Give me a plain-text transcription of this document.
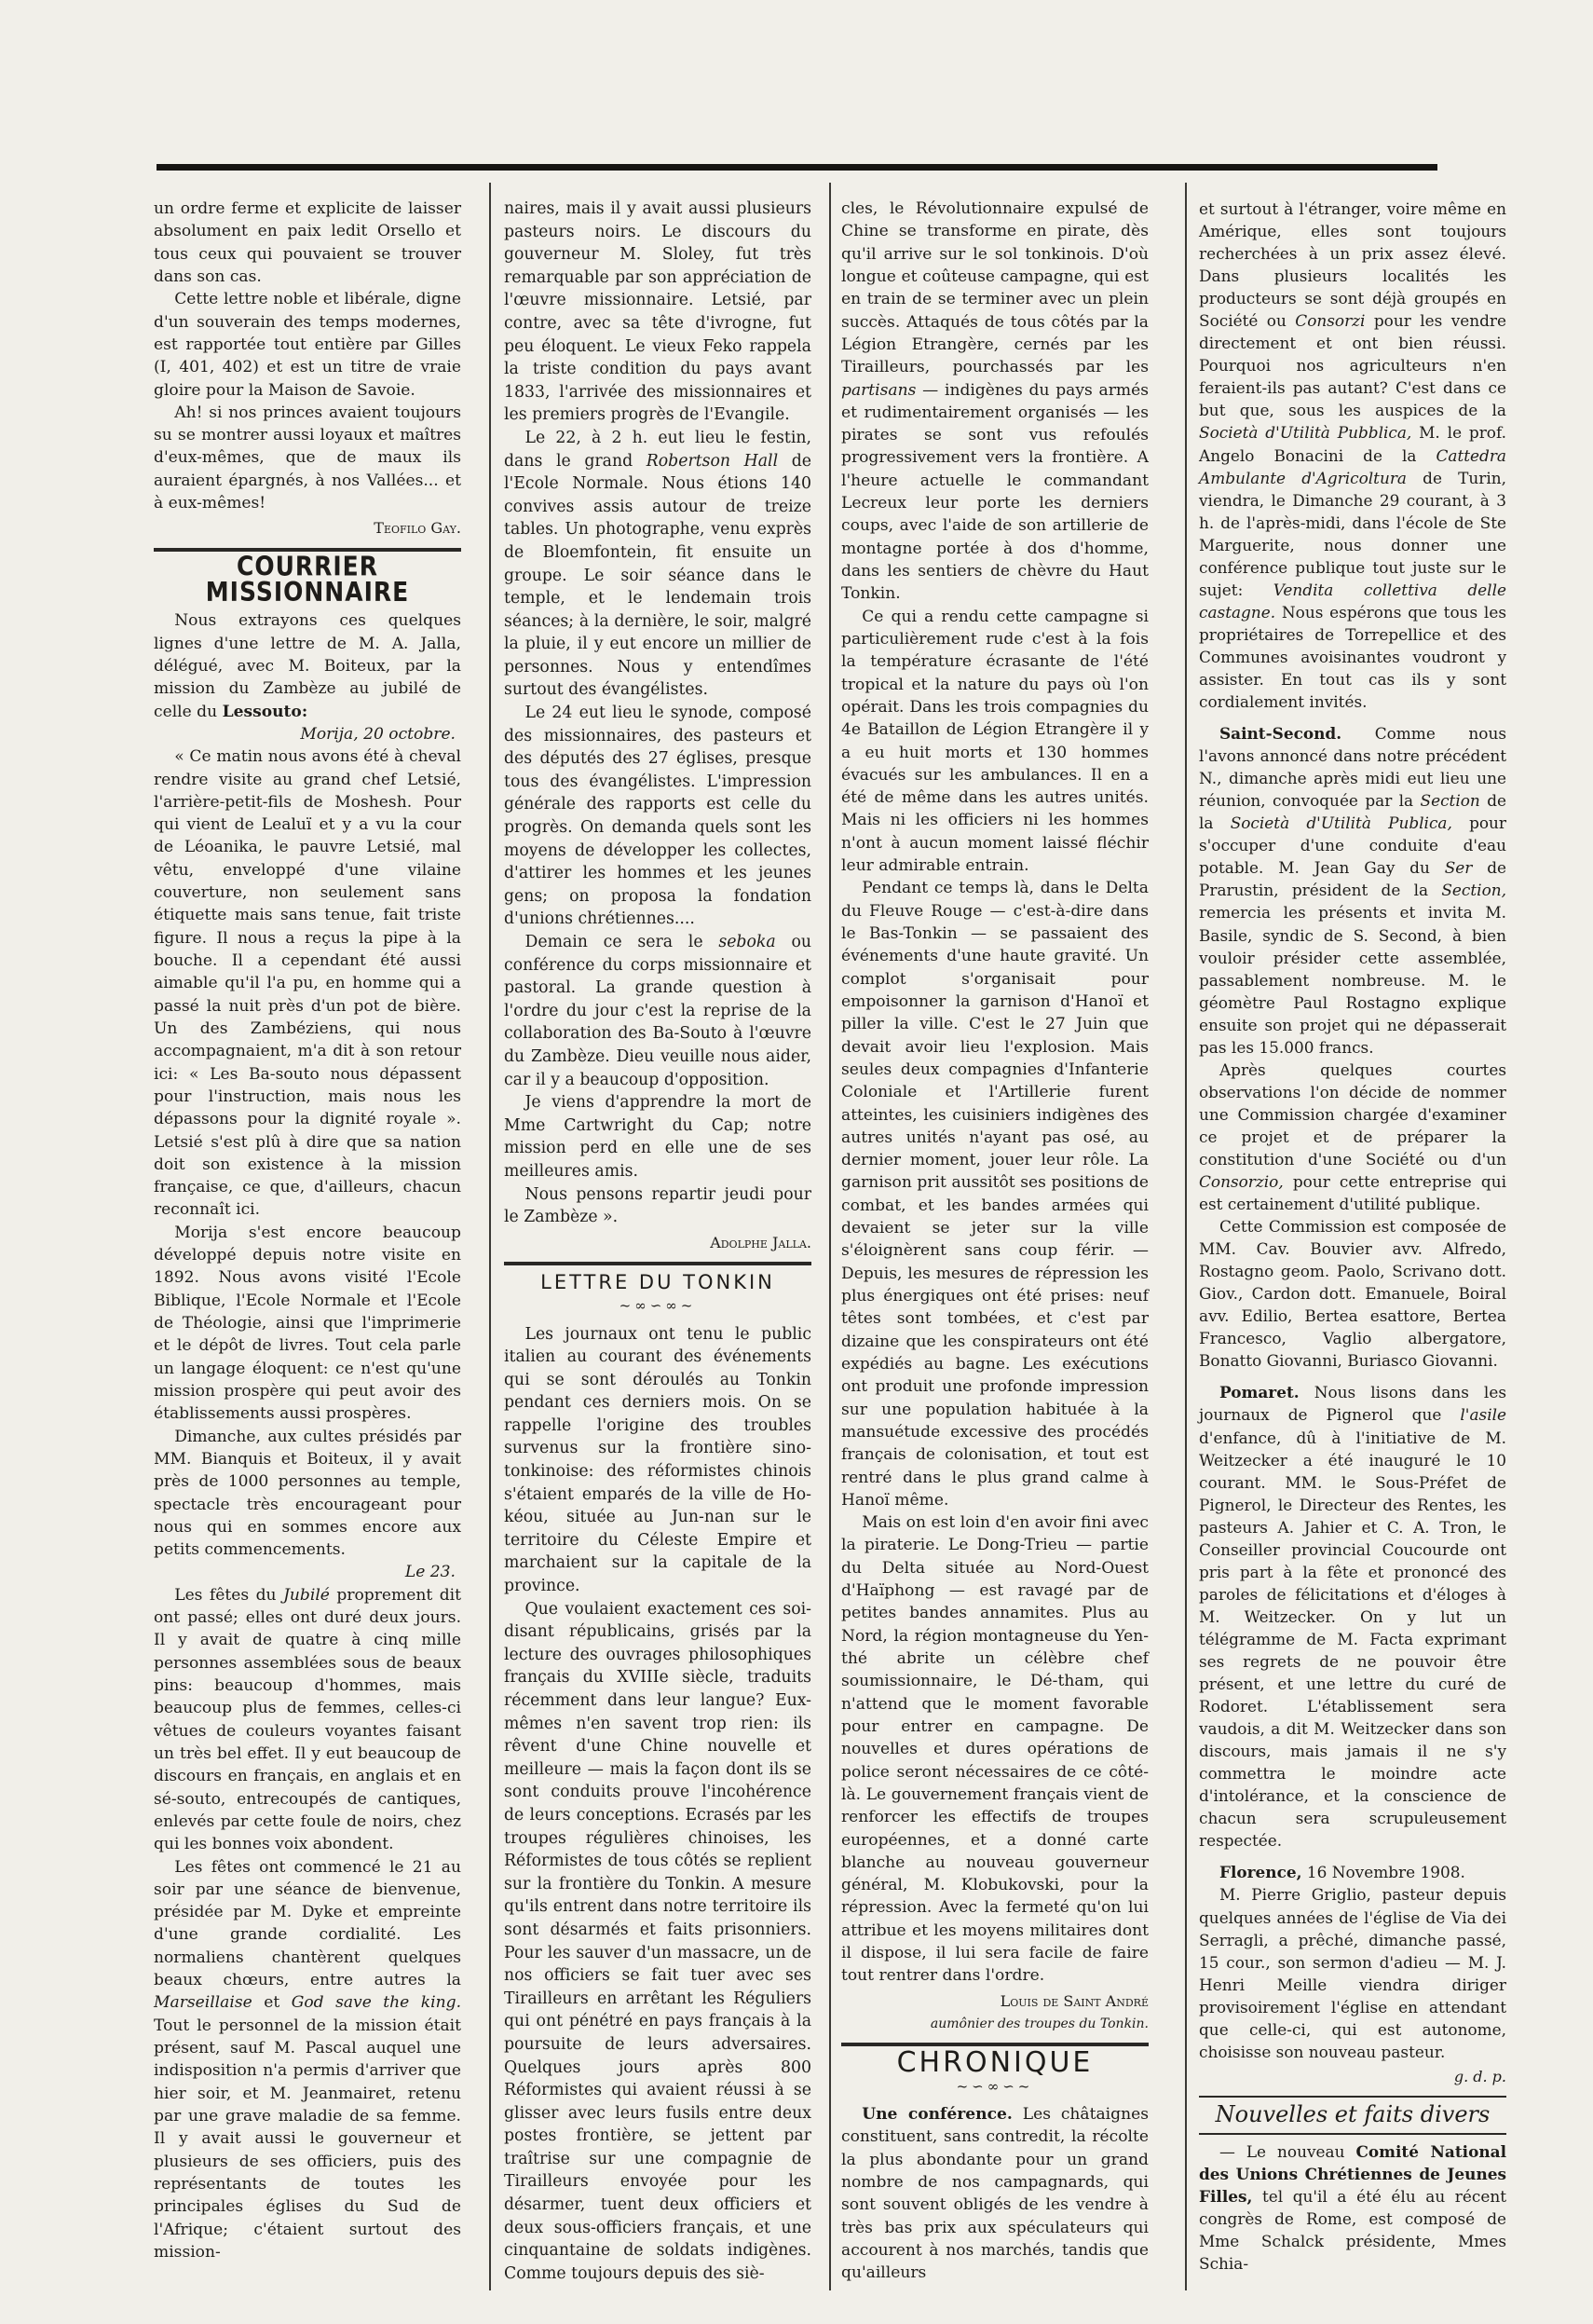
un ordre ferme et explicite de laisser absolument en paix ledit Orsello et tous ceux qui pouvaient se trouver dans son cas.

Cette lettre noble et libérale, digne d'un souverain des temps modernes, est rapportée tout entière par Gilles (I, 401, 402) et est un titre de vraie gloire pour la Maison de Savoie.

Ah! si nos princes avaient toujours su se montrer aussi loyaux et maîtres d'eux-mêmes, que de maux ils auraient épargnés, à nos Vallées... et à eux-mêmes!

Teofilo Gay.
COURRIER MISSIONNAIRE

Nous extrayons ces quelques lignes d'une lettre de M. A. Jalla, délégué, avec M. Boiteux, par la mission du Zambèze au jubilé de celle du Lessouto:

Morija, 20 octobre.

« Ce matin nous avons été à cheval rendre visite au grand chef Letsié, l'arrière-petit-fils de Moshesh. Pour qui vient de Lealuï et y a vu la cour de Léoanika, le pauvre Letsié, mal vêtu, enveloppé d'une vilaine couverture, non seulement sans étiquette mais sans tenue, fait triste figure. Il nous a reçus la pipe à la bouche. Il a cependant été aussi aimable qu'il l'a pu, en homme qui a passé la nuit près d'un pot de bière. Un des Zambéziens, qui nous accompagnaient, m'a dit à son retour ici: « Les Ba-souto nous dépassent pour l'instruction, mais nous les dépassons pour la dignité royale ». Letsié s'est plû à dire que sa nation doit son existence à la mission française, ce que, d'ailleurs, chacun reconnaît ici.

Morija s'est encore beaucoup développé depuis notre visite en 1892. Nous avons visité l'Ecole Biblique, l'Ecole Normale et l'Ecole de Théologie, ainsi que l'imprimerie et le dépôt de livres. Tout cela parle un langage éloquent: ce n'est qu'une mission prospère qui peut avoir des établissements aussi prospères.

Dimanche, aux cultes présidés par MM. Bianquis et Boiteux, il y avait près de 1000 personnes au temple, spectacle très encourageant pour nous qui en sommes encore aux petits commencements.

Le 23.

Les fêtes du Jubilé proprement dit ont passé; elles ont duré deux jours. Il y avait de quatre à cinq mille personnes assemblées sous de beaux pins: beaucoup d'hommes, mais beaucoup plus de femmes, celles-ci vêtues de couleurs voyantes faisant un très bel effet. Il y eut beaucoup de discours en français, en anglais et en sé-souto, entrecoupés de cantiques, enlevés par cette foule de noirs, chez qui les bonnes voix abondent.

Les fêtes ont commencé le 21 au soir par une séance de bienvenue, présidée par M. Dyke et empreinte d'une grande cordialité. Les normaliens chantèrent quelques beaux chœurs, entre autres la Marseillaise et God save the king. Tout le personnel de la mission était présent, sauf M. Pascal auquel une indisposition n'a permis d'arriver que hier soir, et M. Jeanmairet, retenu par une grave maladie de sa femme. Il y avait aussi le gouverneur et plusieurs de ses officiers, puis des représentants de toutes les principales églises du Sud de l'Afrique; c'étaient surtout des mission-

naires, mais il y avait aussi plusieurs pasteurs noirs. Le discours du gouverneur M. Sloley, fut très remarquable par son appréciation de l'œuvre missionnaire. Letsié, par contre, avec sa tête d'ivrogne, fut peu éloquent. Le vieux Feko rappela la triste condition du pays avant 1833, l'arrivée des missionnaires et les premiers progrès de l'Evangile.

Le 22, à 2 h. eut lieu le festin, dans le grand Robertson Hall de l'Ecole Normale. Nous étions 140 convives assis autour de treize tables. Un photographe, venu exprès de Bloemfontein, fit ensuite un groupe. Le soir séance dans le temple, et le lendemain trois séances; à la dernière, le soir, malgré la pluie, il y eut encore un millier de personnes. Nous y entendîmes surtout des évangélistes.

Le 24 eut lieu le synode, composé des missionnaires, des pasteurs et des députés des 27 églises, presque tous des évangélistes. L'impression générale des rapports est celle du progrès. On demanda quels sont les moyens de développer les collectes, d'attirer les hommes et les jeunes gens; on proposa la fondation d'unions chrétiennes....

Demain ce sera le seboka ou conférence du corps missionnaire et pastoral. La grande question à l'ordre du jour c'est la reprise de la collaboration des Ba-Souto à l'œuvre du Zambèze. Dieu veuille nous aider, car il y a beaucoup d'opposition.

Je viens d'apprendre la mort de Mme Cartwright du Cap; notre mission perd en elle une de ses meilleures amis.

Nous pensons repartir jeudi pour le Zambèze ».

Adolphe Jalla.
LETTRE DU TONKIN
~∞∽∞~

Les journaux ont tenu le public italien au courant des événements qui se sont déroulés au Tonkin pendant ces derniers mois. On se rappelle l'origine des troubles survenus sur la frontière sino-tonkinoise: des réformistes chinois s'étaient emparés de la ville de Ho-kéou, située au Jun-nan sur le territoire du Céleste Empire et marchaient sur la capitale de la province.

Que voulaient exactement ces soi-disant républicains, grisés par la lecture des ouvrages philosophiques français du XVIIIe siècle, traduits récemment dans leur langue? Eux-mêmes n'en savent trop rien: ils rêvent d'une Chine nouvelle et meilleure — mais la façon dont ils se sont conduits prouve l'incohérence de leurs conceptions. Ecrasés par les troupes régulières chinoises, les Réformistes de tous côtés se replient sur la frontière du Tonkin. A mesure qu'ils entrent dans notre territoire ils sont désarmés et faits prisonniers. Pour les sauver d'un massacre, un de nos officiers se fait tuer avec ses Tirailleurs en arrêtant les Réguliers qui ont pénétré en pays français à la poursuite de leurs adversaires. Quelques jours après 800 Réformistes qui avaient réussi à se glisser avec leurs fusils entre deux postes frontière, se jettent par traîtrise sur une compagnie de Tirailleurs envoyée pour les désarmer, tuent deux officiers et deux sous-officiers français, et une cinquantaine de soldats indigènes. Comme toujours depuis des siè-

cles, le Révolutionnaire expulsé de Chine se transforme en pirate, dès qu'il arrive sur le sol tonkinois. D'où longue et coûteuse campagne, qui est en train de se terminer avec un plein succès. Attaqués de tous côtés par la Légion Etrangère, cernés par les Tirailleurs, pourchassés par les partisans — indigènes du pays armés et rudimentairement organisés — les pirates se sont vus refoulés progressivement vers la frontière. A l'heure actuelle le commandant Lecreux leur porte les derniers coups, avec l'aide de son artillerie de montagne portée à dos d'homme, dans les sentiers de chèvre du Haut Tonkin.

Ce qui a rendu cette campagne si particulièrement rude c'est à la fois la température écrasante de l'été tropical et la nature du pays où l'on opérait. Dans les trois compagnies du 4e Bataillon de Légion Etrangère il y a eu huit morts et 130 hommes évacués sur les ambulances. Il en a été de même dans les autres unités. Mais ni les officiers ni les hommes n'ont à aucun moment laissé fléchir leur admirable entrain.

Pendant ce temps là, dans le Delta du Fleuve Rouge — c'est-à-dire dans le Bas-Tonkin — se passaient des événements d'une haute gravité. Un complot s'organisait pour empoisonner la garnison d'Hanoï et piller la ville. C'est le 27 Juin que devait avoir lieu l'explosion. Mais seules deux compagnies d'Infanterie Coloniale et l'Artillerie furent atteintes, les cuisiniers indigènes des autres unités n'ayant pas osé, au dernier moment, jouer leur rôle. La garnison prit aussitôt ses positions de combat, et les bandes armées qui devaient se jeter sur la ville s'éloignèrent sans coup férir. — Depuis, les mesures de répression les plus énergiques ont été prises: neuf têtes sont tombées, et c'est par dizaine que les conspirateurs ont été expédiés au bagne. Les exécutions ont produit une profonde impression sur une population habituée à la mansuétude excessive des procédés français de colonisation, et tout est rentré dans le plus grand calme à Hanoï même.

Mais on est loin d'en avoir fini avec la piraterie. Le Dong-Trieu — partie du Delta située au Nord-Ouest d'Haïphong — est ravagé par de petites bandes annamites. Plus au Nord, la région montagneuse du Yen-thé abrite un célèbre chef soumissionnaire, le Dé-tham, qui n'attend que le moment favorable pour entrer en campagne. De nouvelles et dures opérations de police seront nécessaires de ce côté-là. Le gouvernement français vient de renforcer les effectifs de troupes européennes, et a donné carte blanche au nouveau gouverneur général, M. Klobukovski, pour la répression. Avec la fermeté qu'on lui attribue et les moyens militaires dont il dispose, il lui sera facile de faire tout rentrer dans l'ordre.

Louis de Saint André
aumônier des troupes du Tonkin.
CHRONIQUE
~∽∞∽~

Une conférence. Les châtaignes constituent, sans contredit, la récolte la plus abondante pour un grand nombre de nos campagnards, qui sont souvent obligés de les vendre à très bas prix aux spéculateurs qui accourent à nos marchés, tandis que qu'ailleurs

et surtout à l'étranger, voire même en Amérique, elles sont toujours recherchées à un prix assez élevé. Dans plusieurs localités les producteurs se sont déjà groupés en Société ou Consorzi pour les vendre directement et ont bien réussi. Pourquoi nos agriculteurs n'en feraient-ils pas autant? C'est dans ce but que, sous les auspices de la Società d'Utilità Pubblica, M. le prof. Angelo Bonacini de la Cattedra Ambulante d'Agricoltura de Turin, viendra, le Dimanche 29 courant, à 3 h. de l'après-midi, dans l'école de Ste Marguerite, nous donner une conférence publique tout juste sur le sujet: Vendita collettiva delle castagne. Nous espérons que tous les propriétaires de Torrepellice et des Communes avoisinantes voudront y assister. En tout cas ils y sont cordialement invités.

Saint-Second. Comme nous l'avons annoncé dans notre précédent N., dimanche après midi eut lieu une réunion, convoquée par la Section de la Società d'Utilità Publica, pour s'occuper d'une conduite d'eau potable. M. Jean Gay du Ser de Prarustin, président de la Section, remercia les présents et invita M. Basile, syndic de S. Second, à bien vouloir présider cette assemblée, passablement nombreuse. M. le géomètre Paul Rostagno explique ensuite son projet qui ne dépasserait pas les 15.000 francs.

Après quelques courtes observations l'on décide de nommer une Commission chargée d'examiner ce projet et de préparer la constitution d'une Société ou d'un Consorzio, pour cette entreprise qui est certainement d'utilité publique.

Cette Commission est composée de MM. Cav. Bouvier avv. Alfredo, Rostagno geom. Paolo, Scrivano dott. Giov., Cardon dott. Emanuele, Boiral avv. Edilio, Bertea esattore, Bertea Francesco, Vaglio albergatore, Bonatto Giovanni, Buriasco Giovanni.

Pomaret. Nous lisons dans les journaux de Pignerol que l'asile d'enfance, dû à l'initiative de M. Weitzecker a été inauguré le 10 courant. MM. le Sous-Préfet de Pignerol, le Directeur des Rentes, les pasteurs A. Jahier et C. A. Tron, le Conseiller provincial Coucourde ont pris part à la fête et prononcé des paroles de félicitations et d'éloges à M. Weitzecker. On y lut un télégramme de M. Facta exprimant ses regrets de ne pouvoir être présent, et une lettre du curé de Rodoret. L'établissement sera vaudois, a dit M. Weitzecker dans son discours, mais jamais il ne s'y commettra le moindre acte d'intolérance, et la conscience de chacun sera scrupuleusement respectée.

Florence, 16 Novembre 1908.

M. Pierre Griglio, pasteur depuis quelques années de l'église de Via dei Serragli, a prêché, dimanche passé, 15 cour., son sermon d'adieu — M. J. Henri Meille viendra diriger provisoirement l'église en attendant que celle-ci, qui est autonome, choisisse son nouveau pasteur.

g. d. p.
Nouvelles et faits divers

— Le nouveau Comité National des Unions Chrétiennes de Jeunes Filles, tel qu'il a été élu au récent congrès de Rome, est composé de Mme Schalck présidente, Mmes Schia-
